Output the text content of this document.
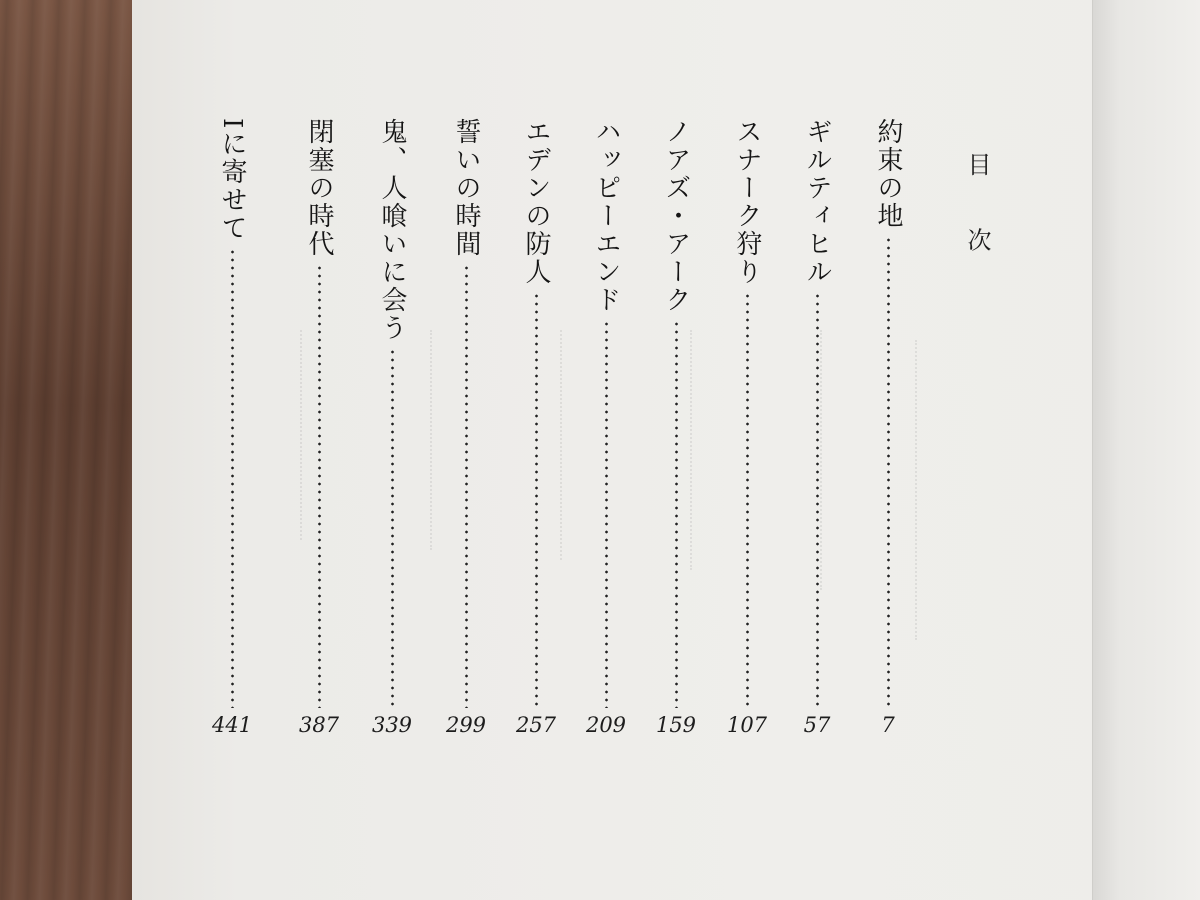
目 次
約束の地
7
ギルティヒル
57
スナーク狩り
107
ノアズ・アーク
159
ハッピーエンド
209
エデンの防人
257
誓いの時間
299
鬼、人喰いに会う
339
閉塞の時代
387
Iに寄せて
441
